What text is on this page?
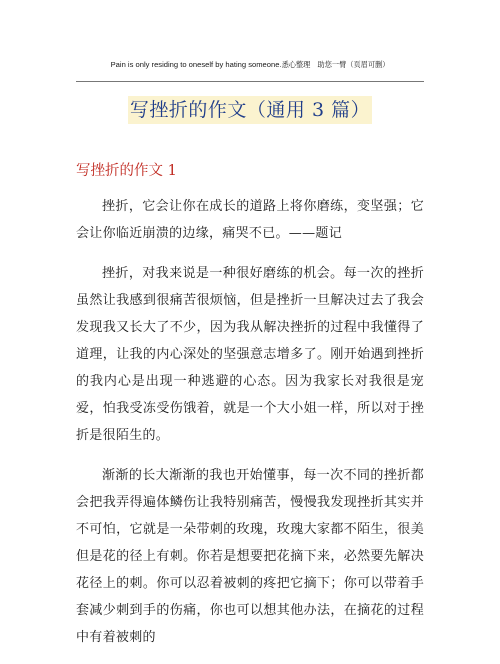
Pain is only residing to oneself by hating someone.悉心整理　助您一臂（页眉可删）
写挫折的作文（通用 3 篇）
写挫折的作文 1

挫折，它会让你在成长的道路上将你磨练，变坚强；它会让你临近崩溃的边缘，痛哭不已。——题记

挫折，对我来说是一种很好磨练的机会。每一次的挫折虽然让我感到很痛苦很烦恼，但是挫折一旦解决过去了我会发现我又长大了不少，因为我从解决挫折的过程中我懂得了道理，让我的内心深处的坚强意志增多了。刚开始遇到挫折的我内心是出现一种逃避的心态。因为我家长对我很是宠爱，怕我受冻受伤饿着，就是一个大小姐一样，所以对于挫折是很陌生的。

渐渐的长大渐渐的我也开始懂事，每一次不同的挫折都会把我弄得遍体鳞伤让我特别痛苦，慢慢我发现挫折其实并不可怕，它就是一朵带刺的玫瑰，玫瑰大家都不陌生，很美但是花的径上有刺。你若是想要把花摘下来，必然要先解决花径上的刺。你可以忍着被刺的疼把它摘下；你可以带着手套减少刺到手的伤痛，你也可以想其他办法，在摘花的过程中有着被刺的
